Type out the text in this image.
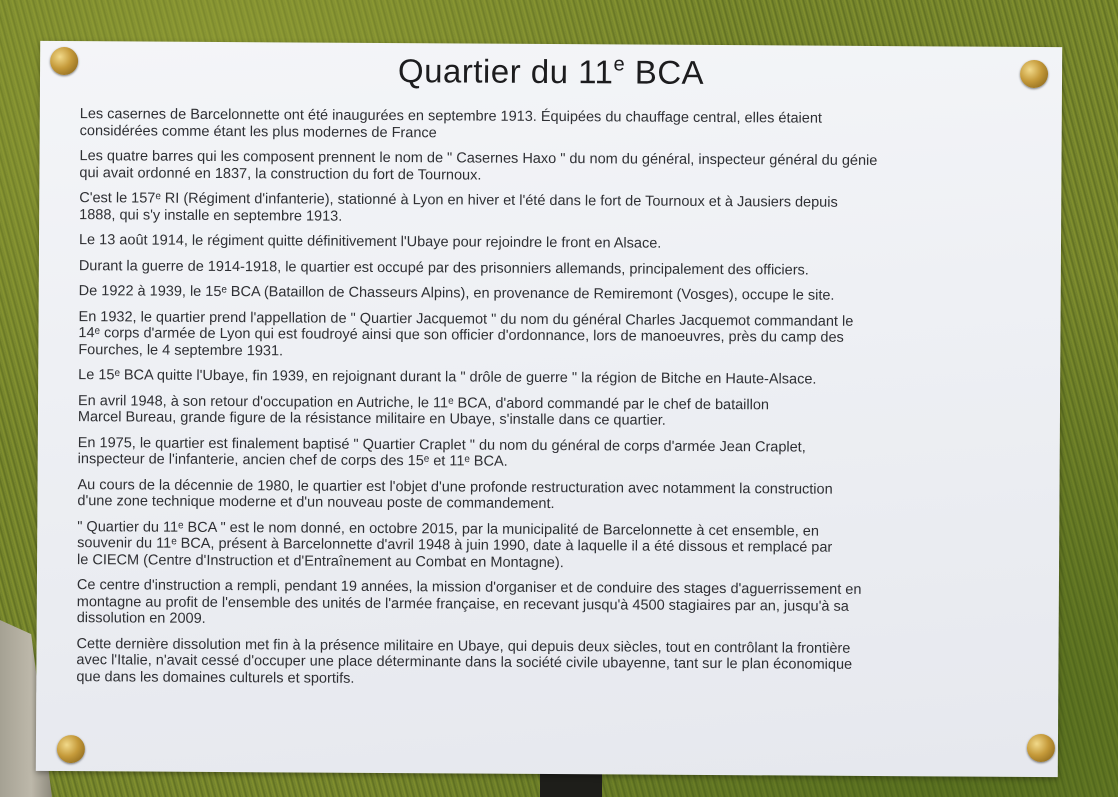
Quartier du 11e BCA

Les casernes de Barcelonnette ont été inaugurées en septembre 1913. Équipées du chauffage central, elles étaient
considérées comme étant les plus modernes de France

Les quatre barres qui les composent prennent le nom de " Casernes Haxo " du nom du général, inspecteur général du génie
qui avait ordonné en 1837, la construction du fort de Tournoux.

C'est le 157ᵉ RI (Régiment d'infanterie), stationné à Lyon en hiver et l'été dans le fort de Tournoux et à Jausiers depuis
1888, qui s'y installe en septembre 1913.

Le 13 août 1914, le régiment quitte définitivement l'Ubaye pour rejoindre le front en Alsace.

Durant la guerre de 1914-1918, le quartier est occupé par des prisonniers allemands, principalement des officiers.

De 1922 à 1939, le 15ᵉ BCA (Bataillon de Chasseurs Alpins), en provenance de Remiremont (Vosges), occupe le site.

En 1932, le quartier prend l'appellation de " Quartier Jacquemot " du nom du général Charles Jacquemot commandant le
14ᵉ corps d'armée de Lyon qui est foudroyé ainsi que son officier d'ordonnance, lors de manoeuvres, près du camp des
Fourches, le 4 septembre 1931.

Le 15ᵉ BCA quitte l'Ubaye, fin 1939, en rejoignant durant la " drôle de guerre " la région de Bitche en Haute-Alsace.

En avril 1948, à son retour d'occupation en Autriche, le 11ᵉ BCA, d'abord commandé par le chef de bataillon
Marcel Bureau, grande figure de la résistance militaire en Ubaye, s'installe dans ce quartier.

En 1975, le quartier est finalement baptisé " Quartier Craplet " du nom du général de corps d'armée Jean Craplet,
inspecteur de l'infanterie, ancien chef de corps des 15ᵉ et 11ᵉ BCA.

Au cours de la décennie de 1980, le quartier est l'objet d'une profonde restructuration avec notamment la construction
d'une zone technique moderne et d'un nouveau poste de commandement.

" Quartier du 11ᵉ BCA " est le nom donné, en octobre 2015, par la municipalité de Barcelonnette à cet ensemble, en
souvenir du 11ᵉ BCA, présent à Barcelonnette d'avril 1948 à juin 1990, date à laquelle il a été dissous et remplacé par
le CIECM (Centre d'Instruction et d'Entraînement au Combat en Montagne).

Ce centre d'instruction a rempli, pendant 19 années, la mission d'organiser et de conduire des stages d'aguerrissement en
montagne au profit de l'ensemble des unités de l'armée française, en recevant jusqu'à 4500 stagiaires par an, jusqu'à sa
dissolution en 2009.

Cette dernière dissolution met fin à la présence militaire en Ubaye, qui depuis deux siècles, tout en contrôlant la frontière
avec l'Italie, n'avait cessé d'occuper une place déterminante dans la société civile ubayenne, tant sur le plan économique
que dans les domaines culturels et sportifs.
